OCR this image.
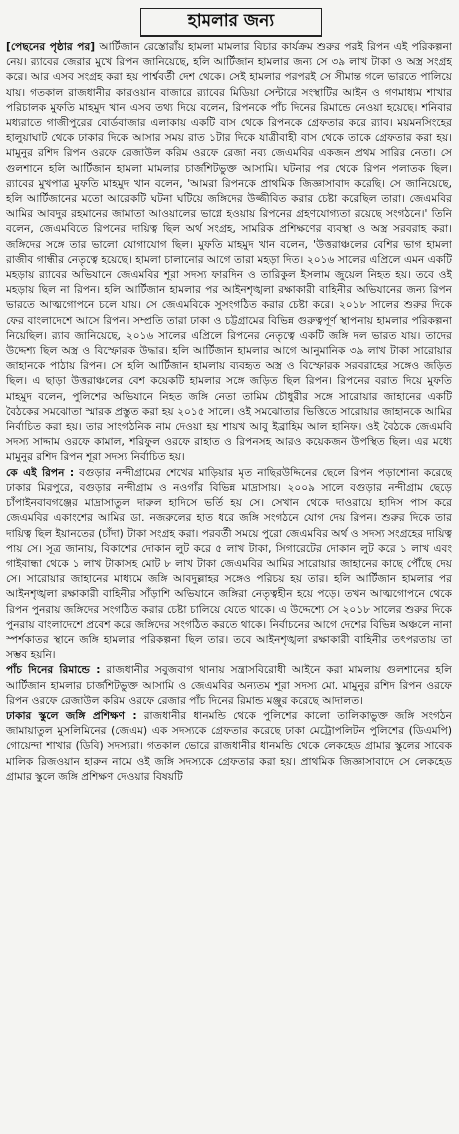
হামলার জন্য

[পেছনের পৃষ্ঠার পর] আর্টিজান রেস্তোরাঁয় হামলা মামলার বিচার কার্যক্রম শুরুর পরই রিপন এই পরিকল্পনা নেয়। র‍্যাবের জেরার মুখে রিপন জানিয়েছে, হলি আর্টিজান হামলার জন্য সে ৩৯ লাখ টাকা ও অস্ত্র সংগ্রহ করে। আর এসব সংগ্রহ করা হয় পার্শ্ববর্তী দেশ থেকে। সেই হামলার পরপরই সে সীমান্ত গলে ভারতে পালিয়ে যায়। গতকাল রাজধানীর কারওয়ান বাজারে র‍্যাবের মিডিয়া সেন্টারে সংস্থাটির আইন ও গণমাধ্যম শাখার পরিচালক মুফতি মাহমুদ খান এসব তথ্য দিয়ে বলেন, রিপনকে পাঁচ দিনের রিমান্ডে নেওয়া হয়েছে। শনিবার মধ্যরাতে গাজীপুরের বোর্ডবাজার এলাকায় একটি বাস থেকে রিপনকে গ্রেফতার করে র‍্যাব। ময়মনসিংহের হালুয়াঘাট থেকে ঢাকার দিকে আসার সময় রাত ১টার দিকে যাত্রীবাহী বাস থেকে তাকে গ্রেফতার করা হয়। মামুনুর রশিদ রিপন ওরফে রেজাউল করিম ওরফে রেজা নব্য জেএমবির একজন প্রথম সারির নেতা। সে গুলশানে হলি আর্টিজান হামলা মামলার চার্জশিটভুক্ত আসামি। ঘটনার পর থেকে রিপন পলাতক ছিল। র‍্যাবের মুখপাত্র মুফতি মাহমুদ খান বলেন, 'আমরা রিপনকে প্রাথমিক জিজ্ঞাসাবাদ করেছি। সে জানিয়েছে, হলি আর্টিজানের মতো আরেকটি ঘটনা ঘটিয়ে জঙ্গিদের উজ্জীবিত করার চেষ্টা করেছিল তারা। জেএমবির আমির আবদুর রহমানের জামাতা আওয়ালের ভাগ্নে হওয়ায় রিপনের গ্রহণযোগ্যতা রয়েছে সংগঠনে।' তিনি বলেন, জেএমবিতে রিপনের দায়িত্ব ছিল অর্থ সংগ্রহ, সামরিক প্রশিক্ষণের ব্যবস্থা ও অস্ত্র সরবরাহ করা। জঙ্গিদের সঙ্গে তার ভালো যোগাযোগ ছিল। মুফতি মাহমুদ খান বলেন, 'উত্তরাঞ্চলের বেশির ভাগ হামলা রাজীব গান্ধীর নেতৃত্বে হয়েছে। হামলা চালানোর আগে তারা মহড়া দিত। ২০১৬ সালের এপ্রিলে এমন একটি মহড়ায় র‍্যাবের অভিযানে জেএমবির শূরা সদস্য ফারদিন ও তারিকুল ইসলাম জুয়েল নিহত হয়। তবে ওই মহড়ায় ছিল না রিপন। হলি আর্টিজান হামলার পর আইনশৃঙ্খলা রক্ষাকারী বাহিনীর অভিযানের জন্য রিপন ভারতে আত্মগোপনে চলে যায়। সে জেএমবিকে সুসংগঠিত করার চেষ্টা করে। ২০১৮ সালের শুরুর দিকে ফের বাংলাদেশে আসে রিপন। সম্প্রতি তারা ঢাকা ও চট্টগ্রামের বিভিন্ন গুরুত্বপূর্ণ স্থাপনায় হামলার পরিকল্পনা নিয়েছিল। র‍্যাব জানিয়েছে, ২০১৬ সালের এপ্রিলে রিপনের নেতৃত্বে একটি জঙ্গি দল ভারত যায়। তাদের উদ্দেশ্য ছিল অস্ত্র ও বিস্ফোরক উদ্ধার। হলি আর্টিজান হামলার আগে আনুমানিক ৩৯ লাখ টাকা সারোয়ার জাহানকে পাঠায় রিপন। সে হলি আর্টিজান হামলায় ব্যবহৃত অস্ত্র ও বিস্ফোরক সরবরাহের সঙ্গেও জড়িত ছিল। এ ছাড়া উত্তরাঞ্চলের বেশ কয়েকটি হামলার সঙ্গে জড়িত ছিল রিপন। রিপনের বরাত দিয়ে মুফতি মাহমুদ বলেন, পুলিশের অভিযানে নিহত জঙ্গি নেতা তামিম চৌধুরীর সঙ্গে সারোয়ার জাহানের একটি বৈঠকের সমঝোতা স্মারক প্রস্তুত করা হয় ২০১৫ সালে। ওই সমঝোতার ভিত্তিতে সারোয়ার জাহানকে আমির নির্বাচিত করা হয়। তার সাংগঠনিক নাম দেওয়া হয় শায়খ আবু ইব্রাহিম আল হানিফ। ওই বৈঠকে জেএমবি সদস্য সাদ্দাম ওরফে কামাল, শরিফুল ওরফে রাহাত ও রিপনসহ আরও কয়েকজন উপস্থিত ছিল। এর মধ্যে মামুনুর রশিদ রিপন শূরা সদস্য নির্বাচিত হয়।

কে এই রিপন : বগুড়ার নন্দীগ্রামের শেখের মাড়িয়ার মৃত নাছিরউদ্দিনের ছেলে রিপন পড়াশোনা করেছে ঢাকার মিরপুরে, বগুড়ার নন্দীগ্রাম ও নওগাঁর বিভিন্ন মাদ্রাসায়। ২০০৯ সালে বগুড়ার নন্দীগ্রাম ছেড়ে চাঁপাইনবাবগঞ্জের মাদ্রাসাতুল দারুল হাদিসে ভর্তি হয় সে। সেখান থেকে দাওরায়ে হাদিস পাস করে জেএমবির একাংশের আমির ডা. নজরুলের হাত ধরে জঙ্গি সংগঠনে যোগ দেয় রিপন। শুরুর দিকে তার দায়িত্ব ছিল ইয়ানতের (চাঁদা) টাকা সংগ্রহ করা। পরবর্তী সময়ে পুরো জেএমবির অর্থ ও সদস্য সংগ্রহের দায়িত্ব পায় সে। সূত্র জানায়, বিকাশের দোকান লুট করে ৫ লাখ টাকা, সিগারেটের দোকান লুট করে ১ লাখ এবং গাইবান্ধা থেকে ১ লাখ টাকাসহ মোট ৮ লাখ টাকা জেএমবির আমির সারোয়ার জাহানের কাছে পৌঁছে দেয় সে। সারোয়ার জাহানের মাধ্যমে জঙ্গি আবদুল্লাহর সঙ্গেও পরিচয় হয় তার। হলি আর্টিজান হামলার পর আইনশৃঙ্খলা রক্ষাকারী বাহিনীর সাঁড়াশি অভিযানে জঙ্গিরা নেতৃত্বহীন হয়ে পড়ে। তখন আত্মগোপনে থেকে রিপন পুনরায় জঙ্গিদের সংগঠিত করার চেষ্টা চালিয়ে যেতে থাকে। এ উদ্দেশ্যে সে ২০১৮ সালের শুরুর দিকে পুনরায় বাংলাদেশে প্রবেশ করে জঙ্গিদের সংগঠিত করতে থাকে। নির্বাচনের আগে দেশের বিভিন্ন অঞ্চলে নানা স্পর্শকাতর স্থানে জঙ্গি হামলার পরিকল্পনা ছিল তার। তবে আইনশৃঙ্খলা রক্ষাকারী বাহিনীর তৎপরতায় তা সম্ভব হয়নি।

পাঁচ দিনের রিমান্ডে : রাজধানীর সবুজবাগ থানায় সন্ত্রাসবিরোধী আইনে করা মামলায় গুলশানের হলি আর্টিজান হামলার চার্জশিটভুক্ত আসামি ও জেএমবির অন্যতম শূরা সদস্য মো. মামুনুর রশিদ রিপন ওরফে রিপন ওরফে রেজাউল করিম ওরফে রেজার পাঁচ দিনের রিমান্ড মঞ্জুর করেছে আদালত।

ঢাকার স্কুলে জঙ্গি প্রশিক্ষণ : রাজধানীর ধানমন্ডি থেকে পুলিশের কালো তালিকাভুক্ত জঙ্গি সংগঠন জামায়াতুল মুসলিমিনের (জেএম) এক সদস্যকে গ্রেফতার করেছে ঢাকা মেট্রোপলিটন পুলিশের (ডিএমপি) গোয়েন্দা শাখার (ডিবি) সদস্যরা। গতকাল ভোরে রাজধানীর ধানমন্ডি থেকে লেকহেড গ্রামার স্কুলের সাবেক মালিক রিজওয়ান হারুন নামে ওই জঙ্গি সদস্যকে গ্রেফতার করা হয়। প্রাথমিক জিজ্ঞাসাবাদে সে লেকহেড গ্রামার স্কুলে জঙ্গি প্রশিক্ষণ দেওয়ার বিষয়টি
